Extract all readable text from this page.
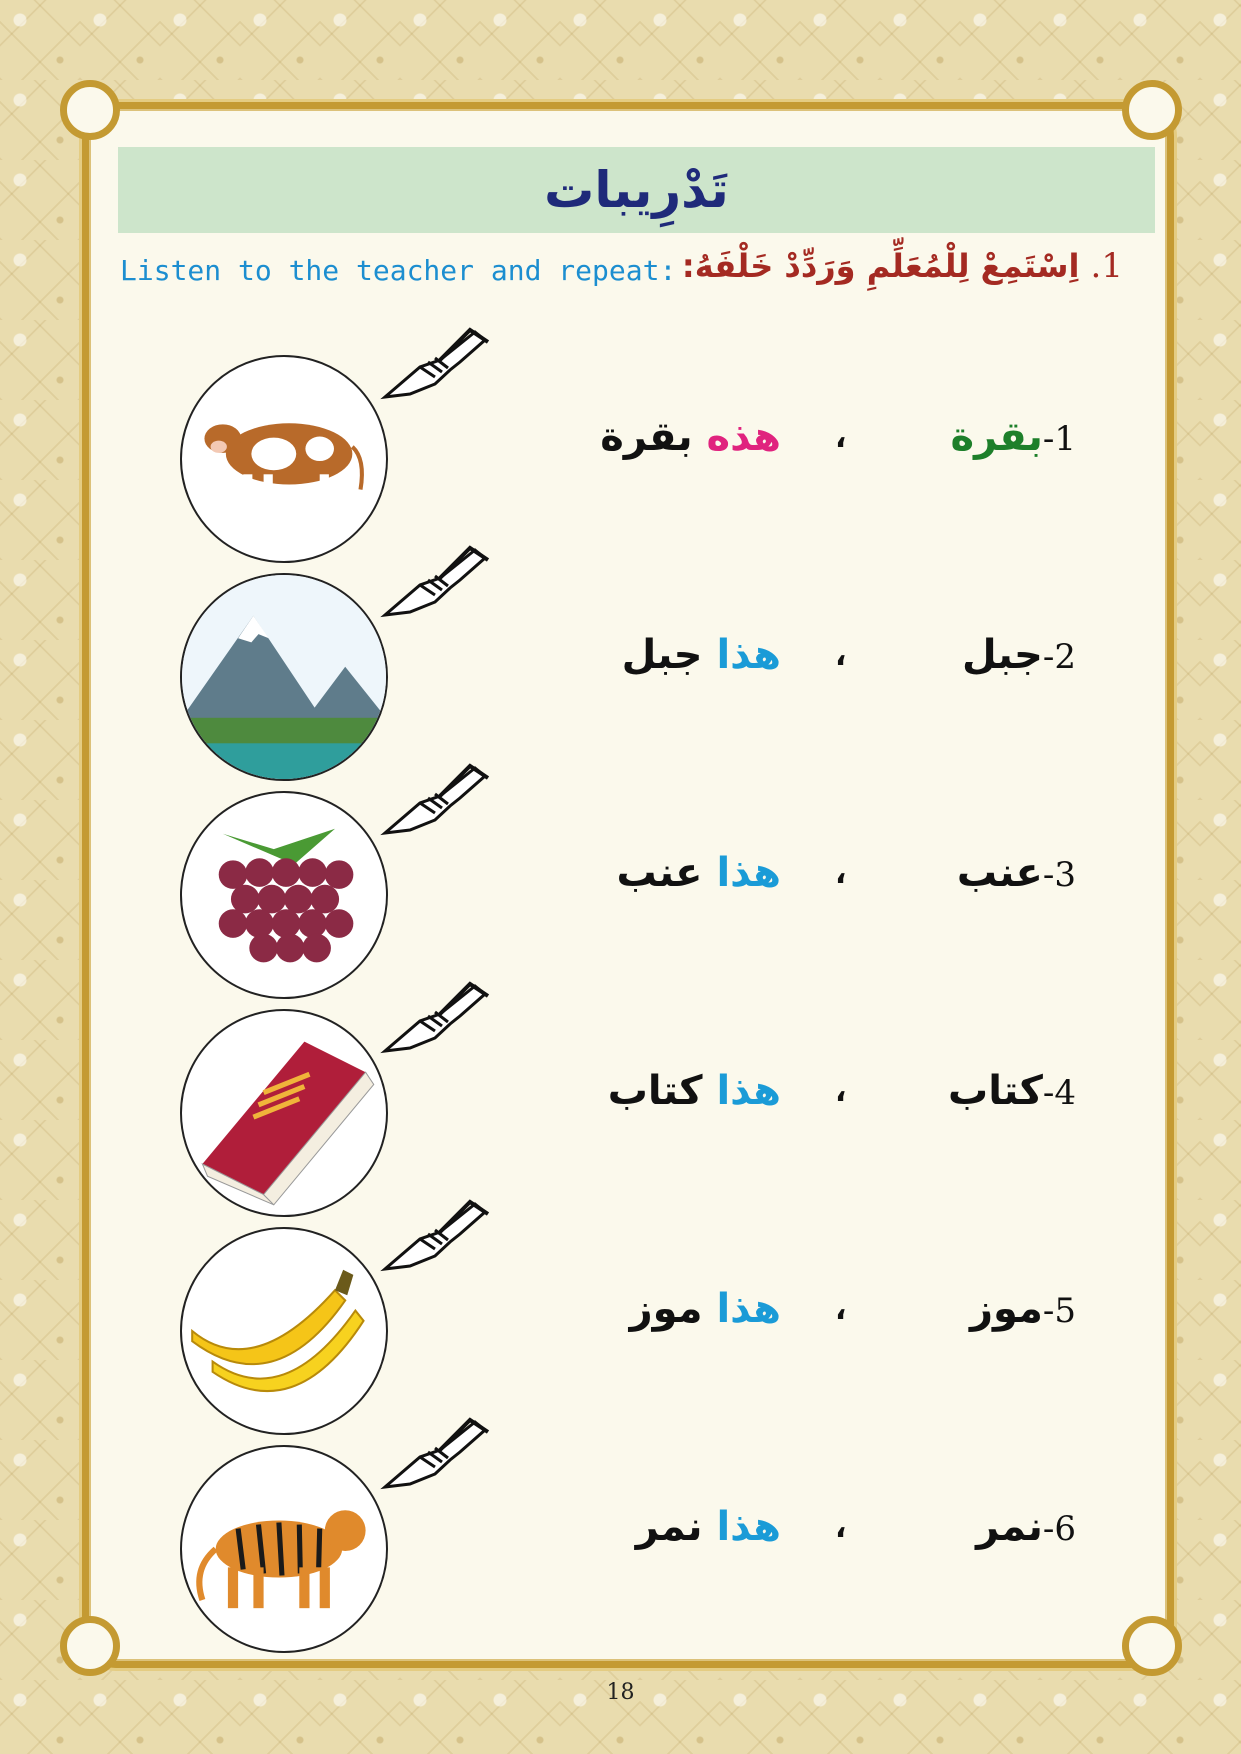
تَدْرِيبات
Listen to the teacher and repeat:	1. اِسْتَمِعْ لِلْمُعَلِّمِ وَرَدِّدْ خَلْفَهُ:
1-بقرة
،
هذه بقرة
2-جبل
،
هذا جبل
3-عنب
،
هذا عنب
4-كتاب
،
هذا كتاب
5-موز
،
هذا موز
6-نمر
،
هذا نمر
18
